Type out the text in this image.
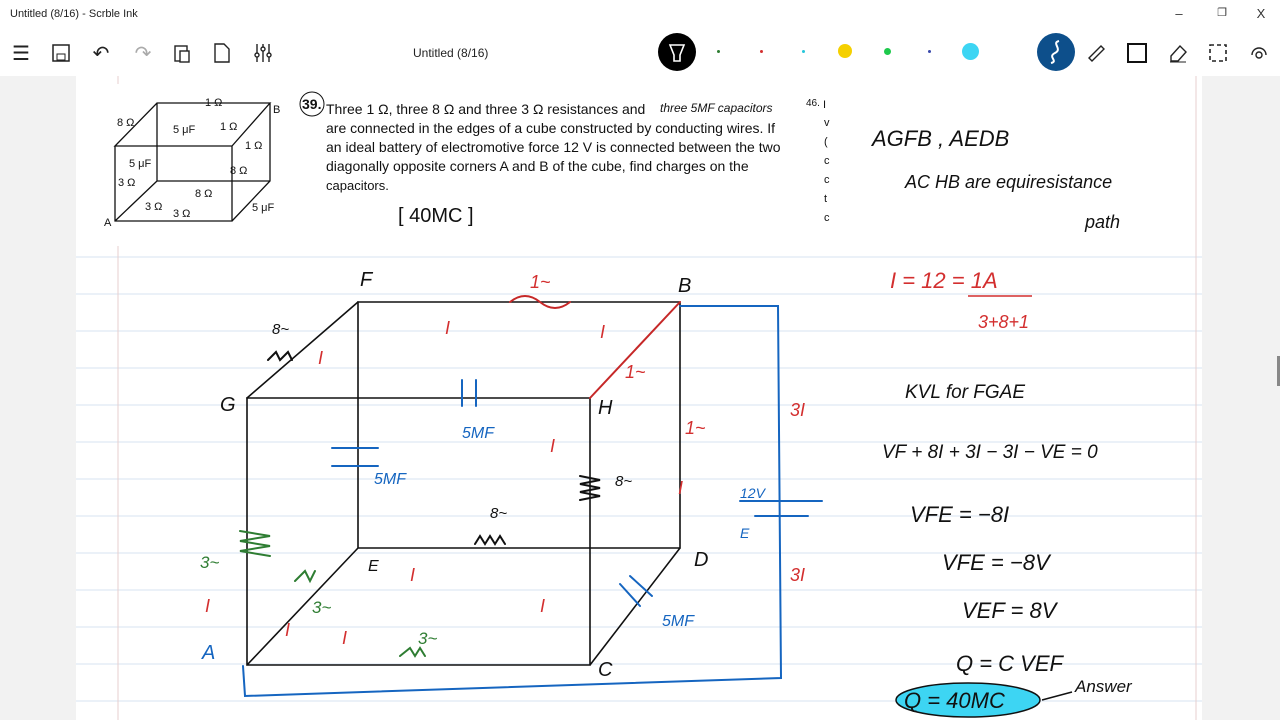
Untitled (8/16) - Scrble Ink	–	❐	X
☰	↶ ↷	Untitled (8/16)
1 Ω
B
8 Ω
5 μF 1 Ω
1 Ω
5 μF
8 Ω
3 Ω
8 Ω
3 Ω
3 Ω	5 μF
A
39. Three 1 Ω, three 8 Ω and three 3 Ω resistances and
are connected in the edges of a cube constructed by conducting wires. If
an ideal battery of electromotive force 12 V is connected between the two
diagonally opposite corners A and B of the cube, find charges on the
capacitors.
three 5MF capacitors
[ 40MC ]
46. I
v
(
c
c
t
c
F	B
G	H
E	D
C
8~
8~
8~
1~
I
I
I
1~
I
1~
I
I
I
I	I
I
3I
3I
3~
3~
3~
5MF
5MF
5MF
12V
E
A
AGFB , AEDB
AC HB are equiresistance
path
I = 12 = 1A
3+8+1
KVL for FGAE
VF + 8I + 3I − 3I − VE = 0
VFE = −8I
VFE = −8V
VEF = 8V
Q = C VEF
Q = 40MC
Answer
